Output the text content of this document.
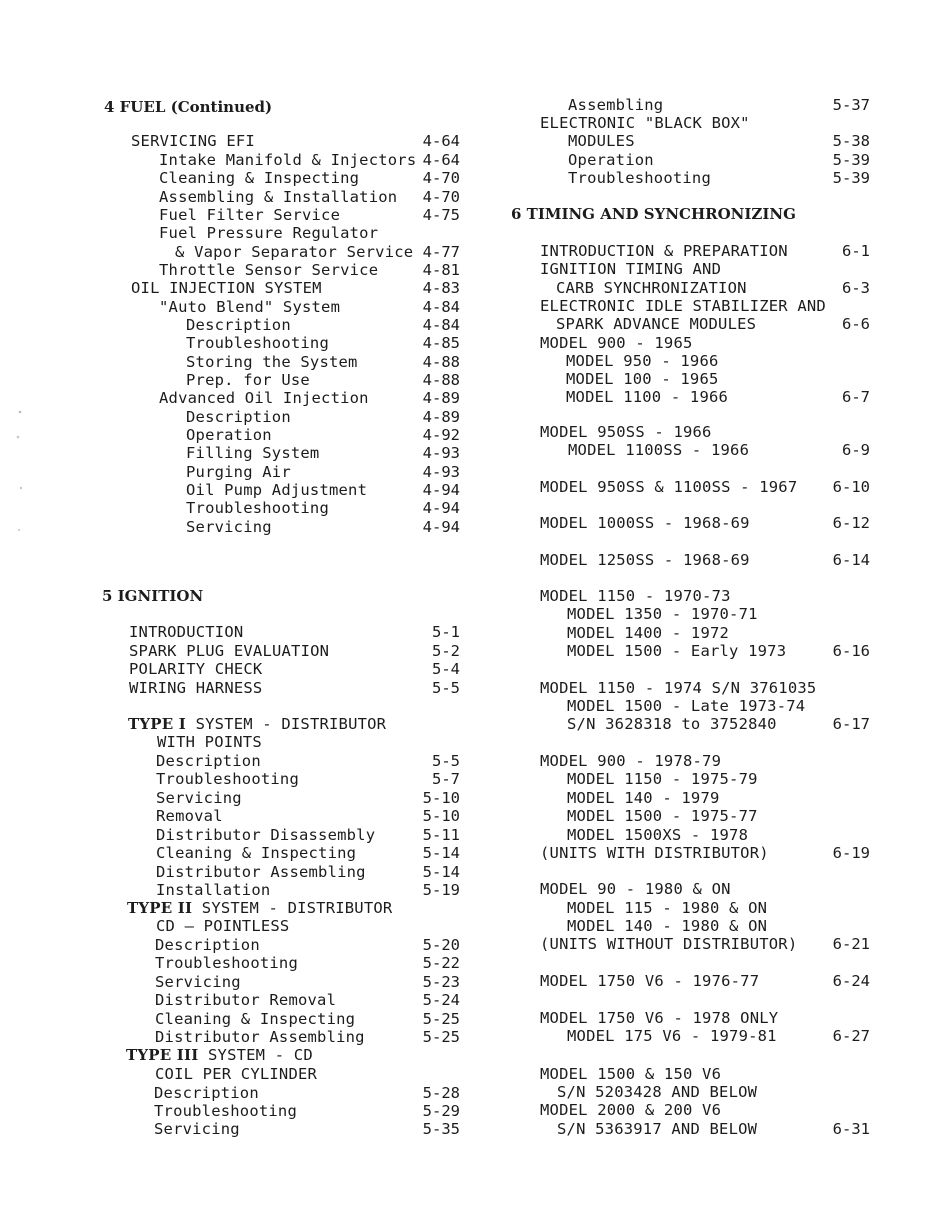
4 FUEL (Continued)
SERVICING EFI	4-64
Intake Manifold & Injectors 4-64
Cleaning & Inspecting	4-70
Assembling & Installation 4-70
Fuel Filter Service	4-75
Fuel Pressure Regulator
& Vapor Separator Service 4-77
Throttle Sensor Service	4-81
OIL INJECTION SYSTEM	4-83
"Auto Blend" System	4-84
Description	4-84
Troubleshooting	4-85
Storing the System	4-88
Prep. for Use	4-88
Advanced Oil Injection	4-89
Description	4-89
Operation	4-92
Filling System	4-93
Purging Air	4-93
Oil Pump Adjustment	4-94
Troubleshooting	4-94
Servicing	4-94
5 IGNITION
INTRODUCTION	5-1
SPARK PLUG EVALUATION	5-2
POLARITY CHECK	5-4
WIRING HARNESS	5-5
TYPE I SYSTEM - DISTRIBUTOR
WITH POINTS
Description	5-5
Troubleshooting	5-7
Servicing	5-10
Removal	5-10
Distributor Disassembly	5-11
Cleaning & Inspecting	5-14
Distributor Assembling	5-14
Installation	5-19
TYPE II SYSTEM - DISTRIBUTOR
CD — POINTLESS
Description	5-20
Troubleshooting	5-22
Servicing	5-23
Distributor Removal	5-24
Cleaning & Inspecting	5-25
Distributor Assembling	5-25
TYPE III SYSTEM - CD
COIL PER CYLINDER
Description	5-28
Troubleshooting	5-29
Servicing	5-35
Assembling	5-37
ELECTRONIC "BLACK BOX"
MODULES	5-38
Operation	5-39
Troubleshooting	5-39
6 TIMING AND SYNCHRONIZING
INTRODUCTION & PREPARATION	6-1
IGNITION TIMING AND
CARB SYNCHRONIZATION	6-3
ELECTRONIC IDLE STABILIZER AND
SPARK ADVANCE MODULES	6-6
MODEL 900 - 1965
MODEL 950 - 1966
MODEL 100 - 1965
MODEL 1100 - 1966	6-7
MODEL 950SS - 1966
MODEL 1100SS - 1966	6-9
MODEL 950SS & 1100SS - 1967 6-10
MODEL 1000SS - 1968-69	6-12
MODEL 1250SS - 1968-69	6-14
MODEL 1150 - 1970-73
MODEL 1350 - 1970-71
MODEL 1400 - 1972
MODEL 1500 - Early 1973	6-16
MODEL 1150 - 1974 S/N 3761035
MODEL 1500 - Late 1973-74
S/N 3628318 to 3752840	6-17
MODEL 900 - 1978-79
MODEL 1150 - 1975-79
MODEL 140 - 1979
MODEL 1500 - 1975-77
MODEL 1500XS - 1978
(UNITS WITH DISTRIBUTOR)	6-19
MODEL 90 - 1980 & ON
MODEL 115 - 1980 & ON
MODEL 140 - 1980 & ON
(UNITS WITHOUT DISTRIBUTOR) 6-21
MODEL 1750 V6 - 1976-77	6-24
MODEL 1750 V6 - 1978 ONLY
MODEL 175 V6 - 1979-81	6-27
MODEL 1500 & 150 V6
S/N 5203428 AND BELOW
MODEL 2000 & 200 V6
S/N 5363917 AND BELOW	6-31
